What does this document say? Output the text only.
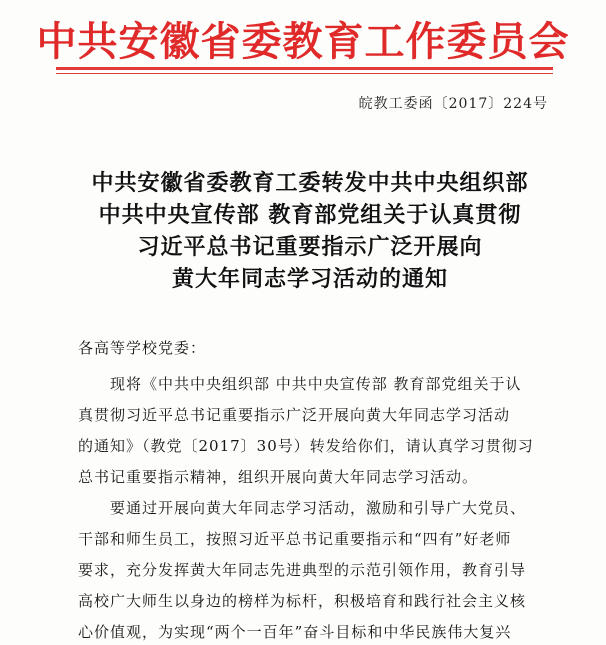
中共安徽省委教育工作委员会
皖教工委函〔2017〕224号
中共安徽省委教育工委转发中共中央组织部
中共中央宣传部 教育部党组关于认真贯彻
习近平总书记重要指示广泛开展向
黄大年同志学习活动的通知
各高等学校党委：
现将《中共中央组织部 中共中央宣传部 教育部党组关于认
真贯彻习近平总书记重要指示广泛开展向黄大年同志学习活动
的通知》（教党〔2017〕30号）转发给你们，请认真学习贯彻习
总书记重要指示精神，组织开展向黄大年同志学习活动。
要通过开展向黄大年同志学习活动，激励和引导广大党员、
干部和师生员工，按照习近平总书记重要指示和“四有”好老师
要求，充分发挥黄大年同志先进典型的示范引领作用，教育引导
高校广大师生以身边的榜样为标杆，积极培育和践行社会主义核
心价值观，为实现“两个一百年”奋斗目标和中华民族伟大复兴
